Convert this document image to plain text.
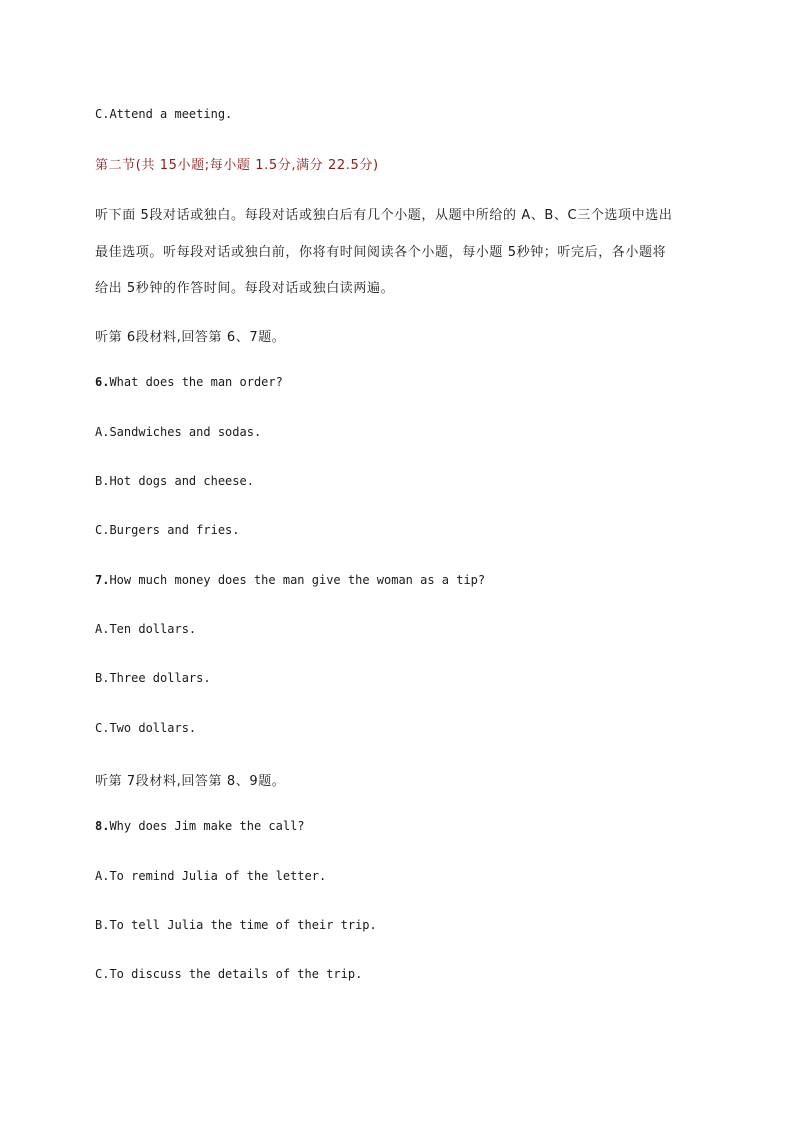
C.Attend a meeting.
第二节(共 15小题;每小题 1.5分,满分 22.5分)
听下面 5段对话或独白。每段对话或独白后有几个小题，从题中所给的 A、B、C三个选项中选出
最佳选项。听每段对话或独白前，你将有时间阅读各个小题，每小题 5秒钟；听完后，各小题将
给出 5秒钟的作答时间。每段对话或独白读两遍。
听第 6段材料,回答第 6、7题。
6.What does the man order?
A.Sandwiches and sodas.
B.Hot dogs and cheese.
C.Burgers and fries.
7.How much money does the man give the woman as a tip?
A.Ten dollars.
B.Three dollars.
C.Two dollars.
听第 7段材料,回答第 8、9题。
8.Why does Jim make the call?
A.To remind Julia of the letter.
B.To tell Julia the time of their trip.
C.To discuss the details of the trip.
